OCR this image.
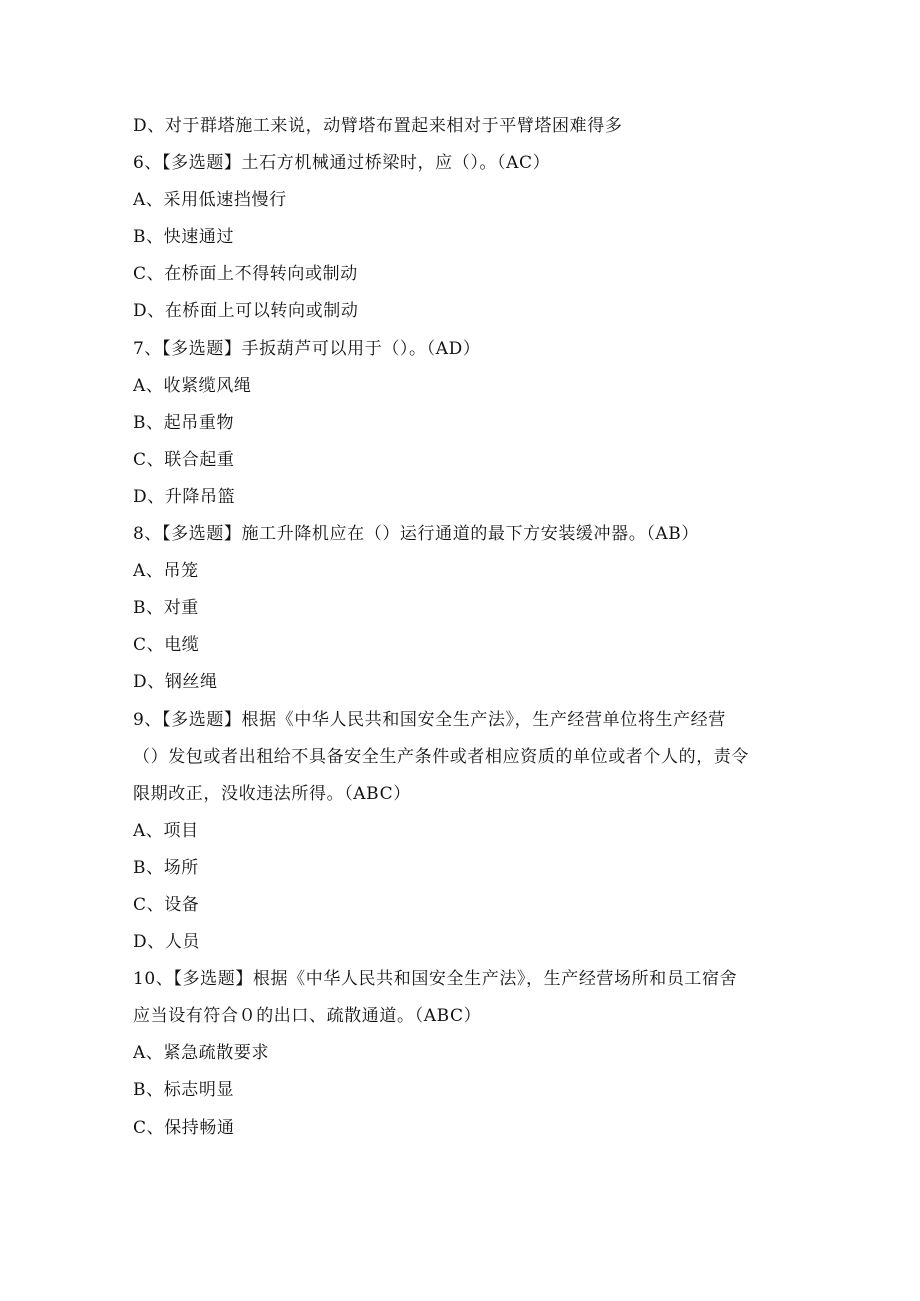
D、对于群塔施工来说，动臂塔布置起来相对于平臂塔困难得多
6、【多选题】土石方机械通过桥梁时，应（）。（AC）
A、采用低速挡慢行
B、快速通过
C、在桥面上不得转向或制动
D、在桥面上可以转向或制动
7、【多选题】手扳葫芦可以用于（）。（AD）
A、收紧缆风绳
B、起吊重物
C、联合起重
D、升降吊篮
8、【多选题】施工升降机应在（）运行通道的最下方安装缓冲器。（AB）
A、吊笼
B、对重
C、电缆
D、钢丝绳
9、【多选题】根据《中华人民共和国安全生产法》，生产经营单位将生产经营
（）发包或者出租给不具备安全生产条件或者相应资质的单位或者个人的，责令
限期改正，没收违法所得。（ABC）
A、项目
B、场所
C、设备
D、人员
10、【多选题】根据《中华人民共和国安全生产法》，生产经营场所和员工宿舍
应当设有符合０的出口、疏散通道。（ABC）
A、紧急疏散要求
B、标志明显
C、保持畅通
